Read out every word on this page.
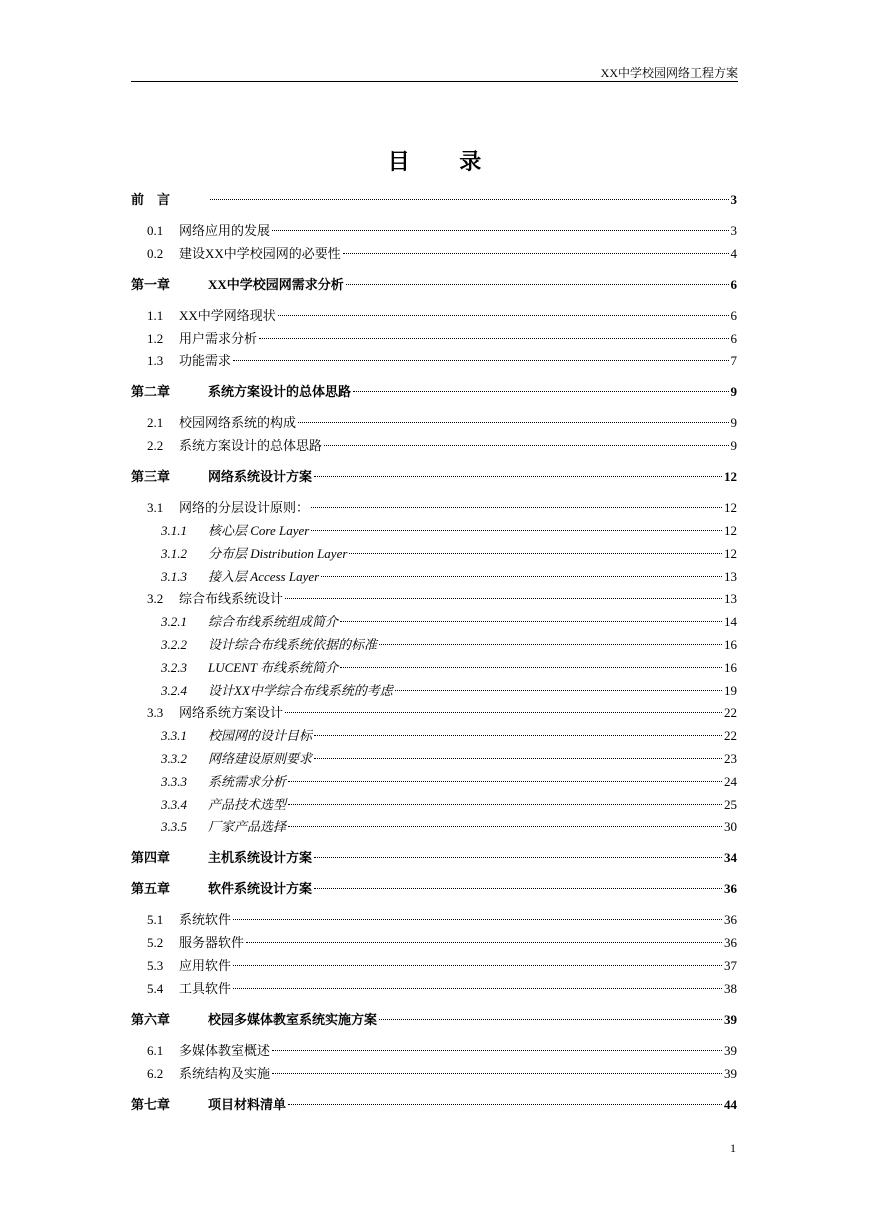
XX中学校园网络工程方案
目 录
前　言	3
0.1	网络应用的发展	3
0.2	建设XX中学校园网的必要性	4
第一章	XX中学校园网需求分析	6
1.1	XX中学网络现状	6
1.2	用户需求分析	6
1.3	功能需求	7
第二章	系统方案设计的总体思路	9
2.1	校园网络系统的构成	9
2.2	系统方案设计的总体思路	9
第三章	网络系统设计方案	12
3.1	网络的分层设计原则：	12
3.1.1	核心层 Core Layer	12
3.1.2	分布层 Distribution Layer	12
3.1.3	接入层 Access Layer	13
3.2	综合布线系统设计	13
3.2.1	综合布线系统组成简介	14
3.2.2	设计综合布线系统依据的标准	16
3.2.3	LUCENT 布线系统简介	16
3.2.4	设计XX中学综合布线系统的考虑	19
3.3	网络系统方案设计	22
3.3.1	校园网的设计目标	22
3.3.2	网络建设原则要求	23
3.3.3	系统需求分析	24
3.3.4	产品技术选型	25
3.3.5	厂家产品选择	30
第四章	主机系统设计方案	34
第五章	软件系统设计方案	36
5.1	系统软件	36
5.2	服务器软件	36
5.3	应用软件	37
5.4	工具软件	38
第六章	校园多媒体教室系统实施方案	39
6.1	多媒体教室概述	39
6.2	系统结构及实施	39
第七章	项目材料清单	44
1
